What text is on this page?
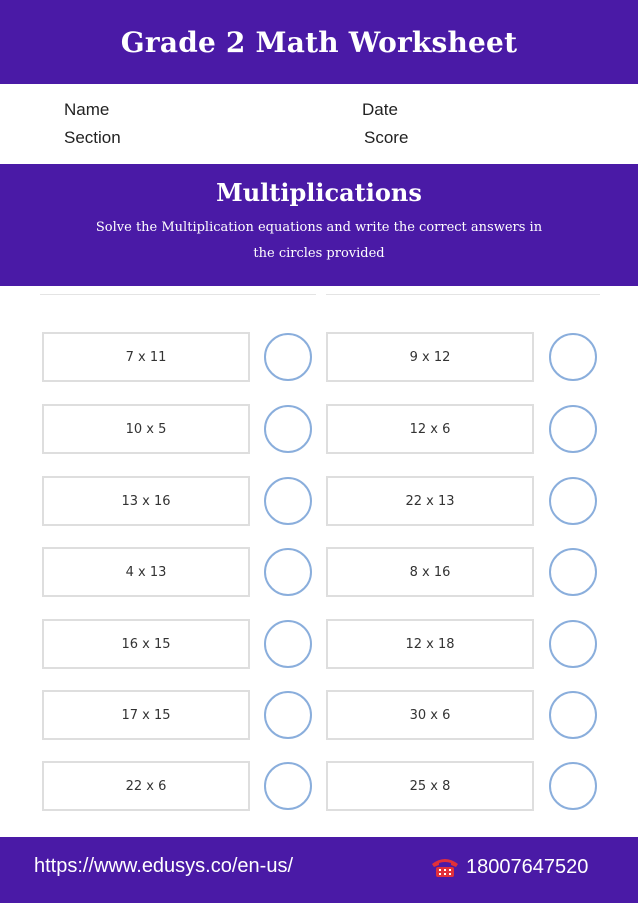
Grade 2 Math Worksheet
Name	Date
Section	Score
Multiplications
Solve the Multiplication equations and write the correct answers in the circles provided
7 x 11	9 x 12
10 x 5	12 x 6
13 x 16	22 x 13
4 x 13	8 x 16
16 x 15	12 x 18
17 x 15	30 x 6
22 x 6	25 x 8
https://www.edusys.co/en-us/	18007647520
